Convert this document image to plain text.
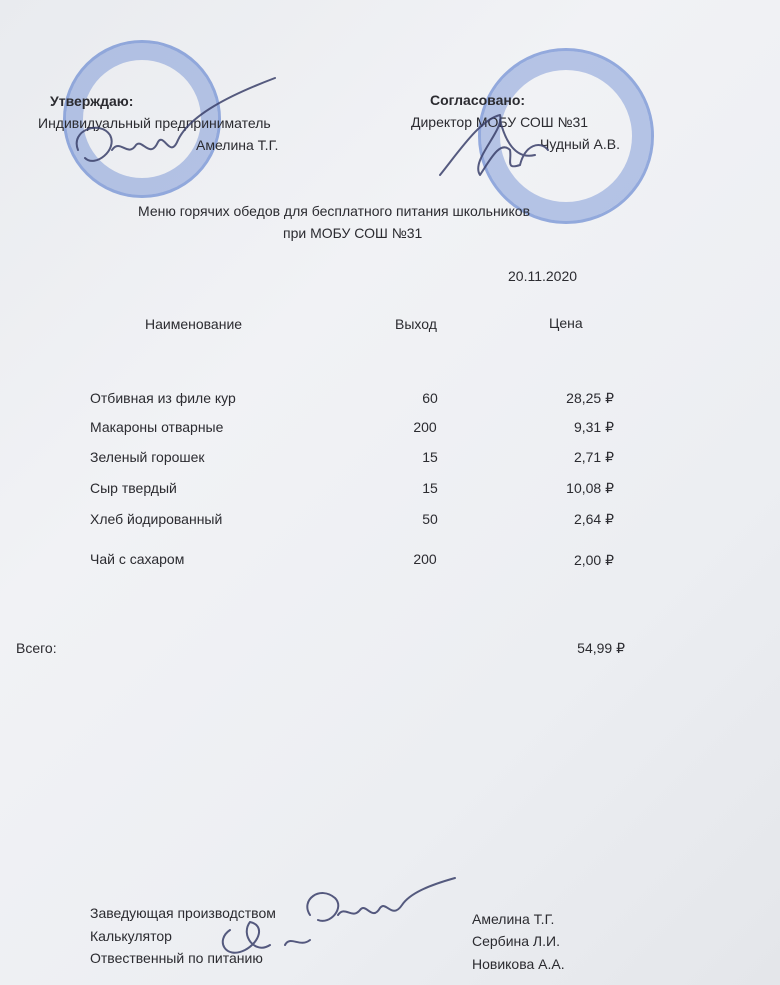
Утверждаю:
Индивидуальный предприниматель
Амелина Т.Г.
Согласовано:
Директор МОБУ СОШ №31
Чудный А.В.
Меню горячих обедов для бесплатного питания школьников
при МОБУ СОШ №31
20.11.2020
Наименование	Выход	Цена
Отбивная из филе кур	60	28,25 ₽
Макароны отварные	200	9,31 ₽
Зеленый горошек	15	2,71 ₽
Сыр твердый	15	10,08 ₽
Хлеб йодированный	50	2,64 ₽
Чай с сахаром	200	2,00 ₽
Всего:	54,99 ₽
Заведующая производством	Амелина Т.Г.
Калькулятор	Сербина Л.И.
Отвественный по питанию	Новикова А.А.
